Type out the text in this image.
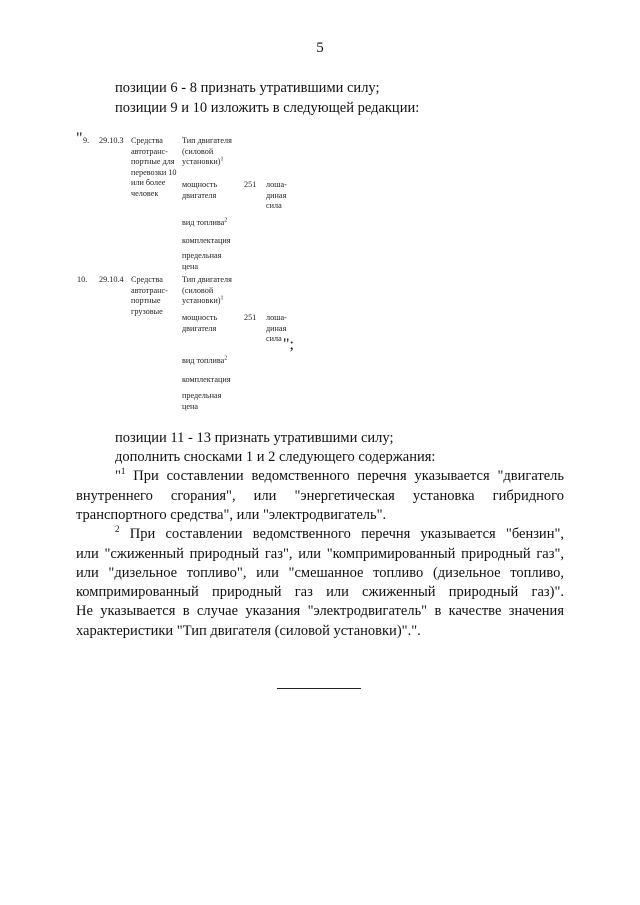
5
позиции 6 - 8 признать утратившими силу;
позиции 9 и 10 изложить в следующей редакции:
" 9. 29.10.3 Средства автотранс-портные для перевозки 10 или более человек
Тип двигателя (силовой установки)$^1$
мощность двигателя
вид топлива$^2$
комплектация
предельная цена
251 лоша-диная сила
10. 29.10.4 Средства автотранс-портные грузовые
Тип двигателя (силовой установки)$^1$
мощность двигателя
вид топлива$^2$
комплектация
предельная цена
251 лоша-диная сила ";
позиции 11 - 13 признать утратившими силу;
дополнить сносками 1 и 2 следующего содержания:
"$^1$ При составлении ведомственного перечня указывается "двигатель
внутреннего сгорания", или "энергетическая установка гибридного
транспортного средства", или "электродвигатель".
$^2$ При составлении ведомственного перечня указывается "бензин",
или "сжиженный природный газ", или "компримированный природный газ",
или "дизельное топливо", или "смешанное топливо (дизельное топливо,
компримированный природный газ или сжиженный природный газ)".
Не указывается в случае указания "электродвигатель" в качестве значения
характеристики "Тип двигателя (силовой установки)".".
